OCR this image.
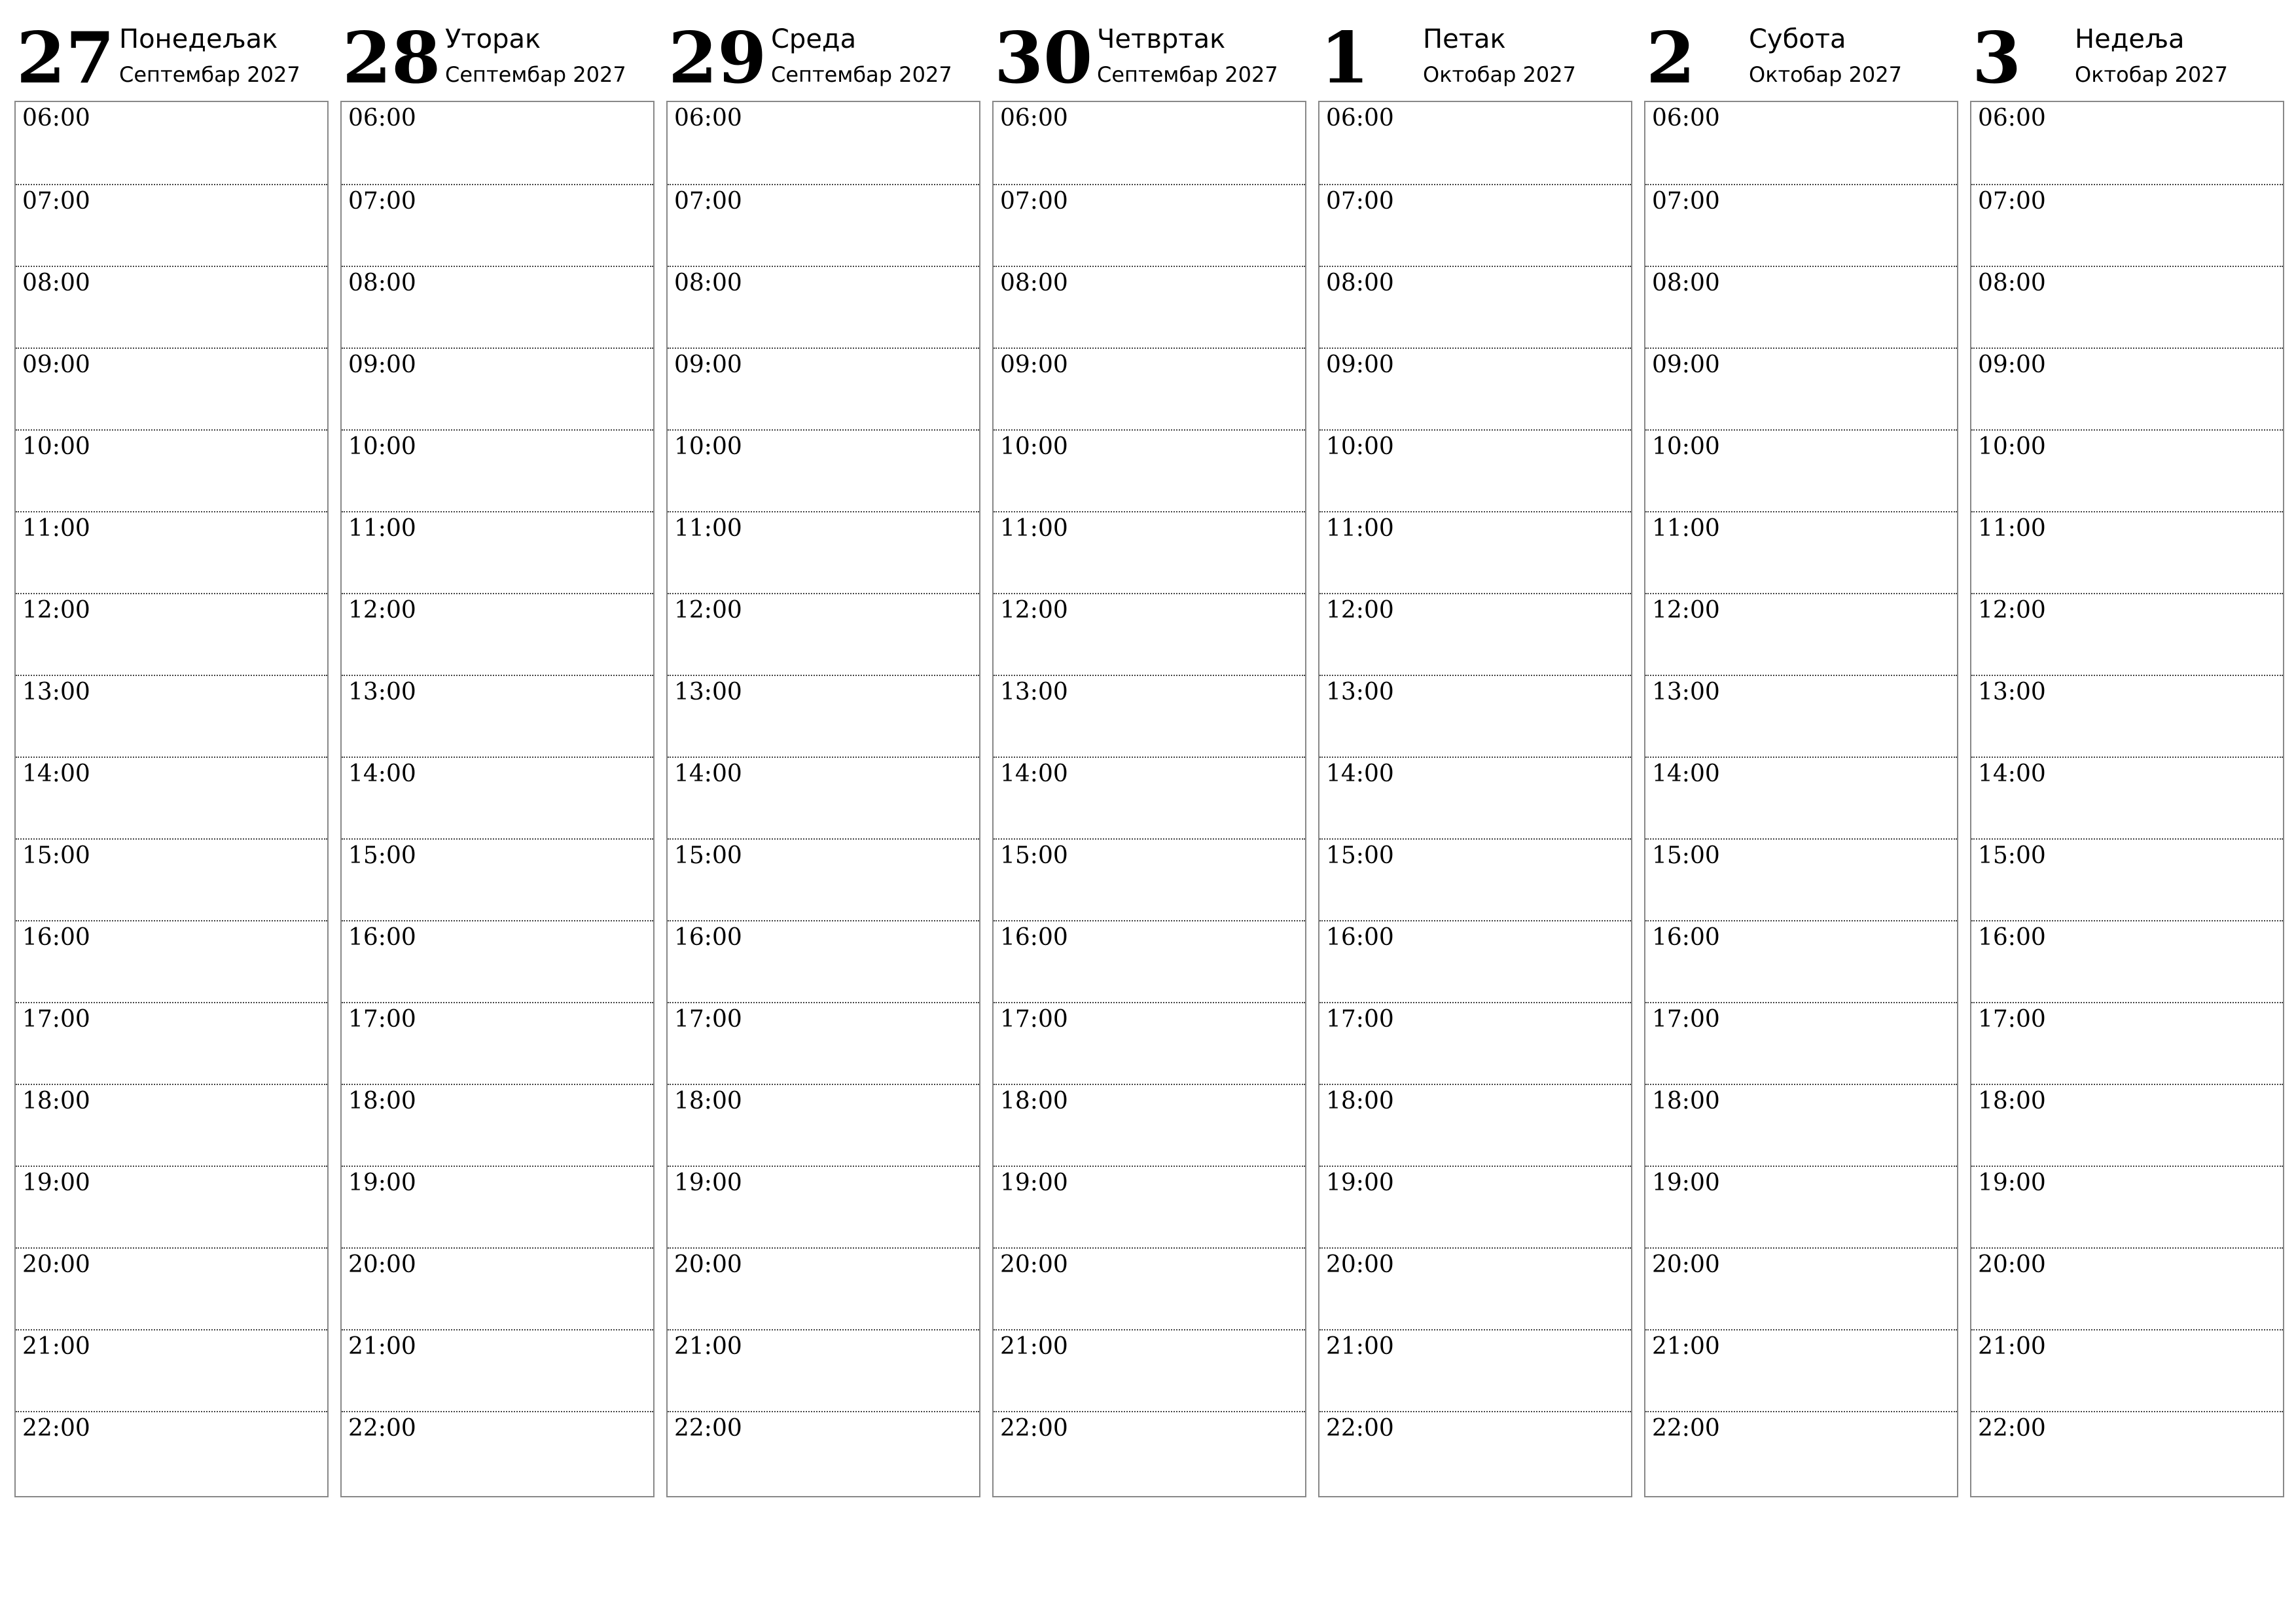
27 Понедељак
Септембар 2027
06:00
07:00
08:00
09:00
10:00
11:00
12:00
13:00
14:00
15:00
16:00
17:00
18:00
19:00
20:00
21:00
22:00
28 Уторак
Септембар 2027
06:00
07:00
08:00
09:00
10:00
11:00
12:00
13:00
14:00
15:00
16:00
17:00
18:00
19:00
20:00
21:00
22:00
29 Среда
Септембар 2027
06:00
07:00
08:00
09:00
10:00
11:00
12:00
13:00
14:00
15:00
16:00
17:00
18:00
19:00
20:00
21:00
22:00
30 Четвртак
Септембар 2027
06:00
07:00
08:00
09:00
10:00
11:00
12:00
13:00
14:00
15:00
16:00
17:00
18:00
19:00
20:00
21:00
22:00
1 Петак
Октобар 2027
06:00
07:00
08:00
09:00
10:00
11:00
12:00
13:00
14:00
15:00
16:00
17:00
18:00
19:00
20:00
21:00
22:00
2 Субота
Октобар 2027
06:00
07:00
08:00
09:00
10:00
11:00
12:00
13:00
14:00
15:00
16:00
17:00
18:00
19:00
20:00
21:00
22:00
3 Недеља
Октобар 2027
06:00
07:00
08:00
09:00
10:00
11:00
12:00
13:00
14:00
15:00
16:00
17:00
18:00
19:00
20:00
21:00
22:00
